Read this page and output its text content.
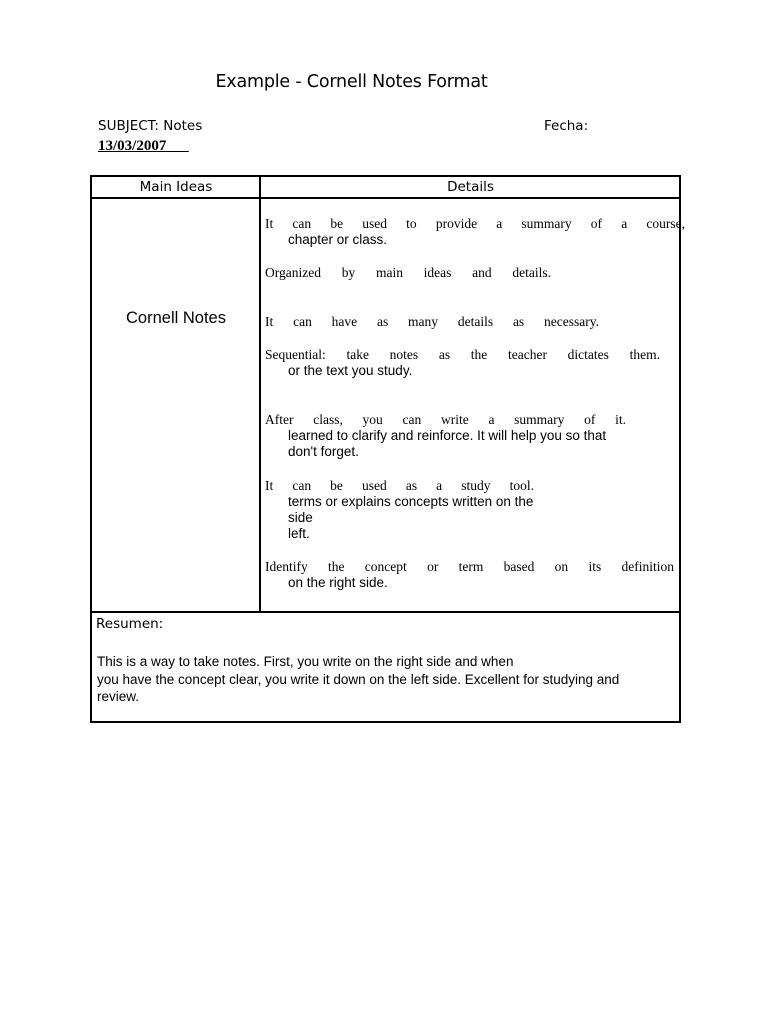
Example - Cornell Notes Format
SUBJECT: Notes	Fecha:
13/03/2007
Main Ideas	Details
Cornell Notes
It can be used to provide a summary of a course,
chapter or class.
Organized by main ideas and details.
It can have as many details as necessary.
Sequential: take notes as the teacher dictates them.
or the text you study.
After class, you can write a summary of it.
learned to clarify and reinforce. It will help you so that
don't forget.
It can be used as a study tool.
terms or explains concepts written on the side
left.
Identify the concept or term based on its definition
on the right side.
Resumen:
This is a way to take notes. First, you write on the right side and when
you have the concept clear, you write it down on the left side. Excellent for studying and
review.
